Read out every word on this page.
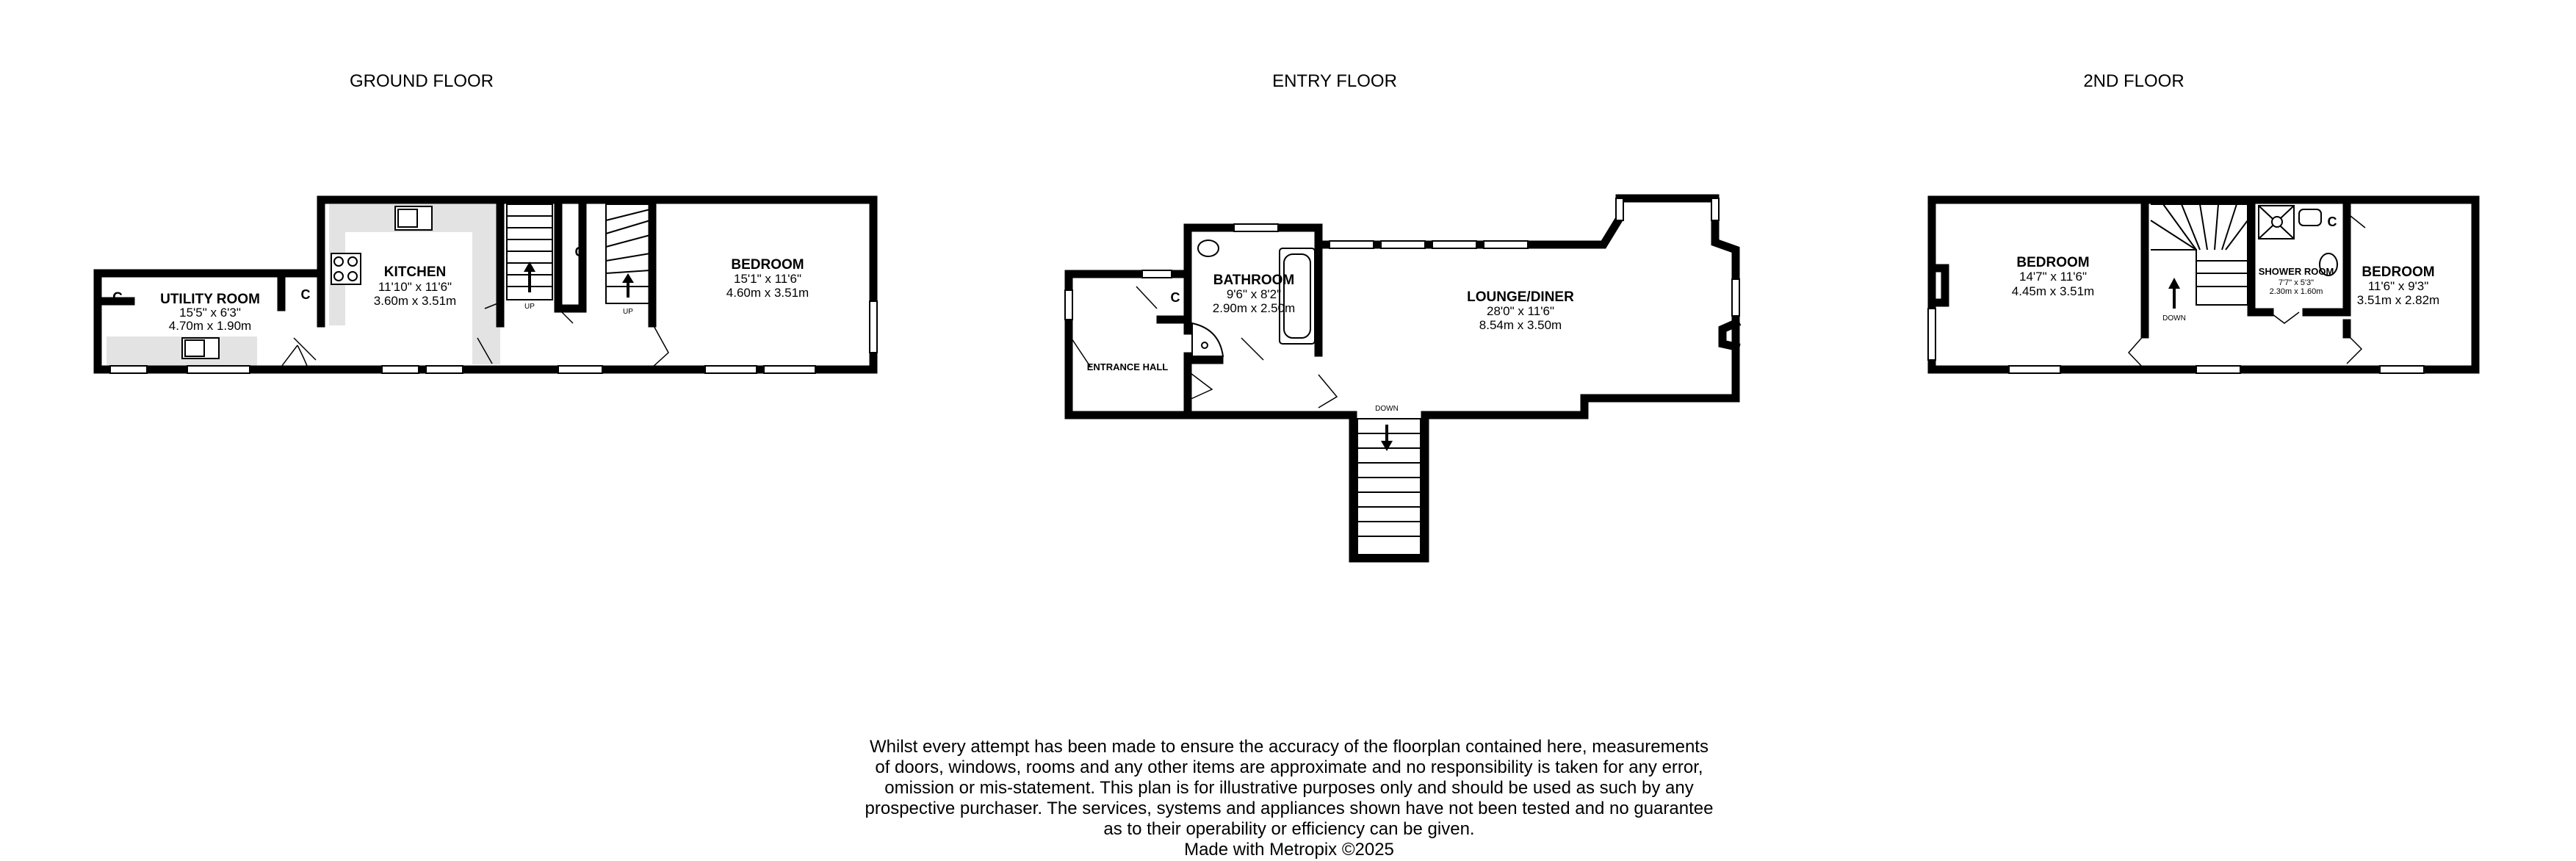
GROUND FLOOR
C	UTILITY ROOM
15'5" x 6'3"
4.70m x 1.90m
C
KITCHEN
11'10" x 11'6"
3.60m x 3.51m
C
UP
UP
BEDROOM
15'1" x 11'6"
4.60m x 3.51m
ENTRY FLOOR
C
BATHROOM
9'6" x 8'2"
2.90m x 2.50m
ENTRANCE HALL
LOUNGE/DINER
28'0" x 11'6"
8.54m x 3.50m
DOWN
2ND FLOOR
BEDROOM
14'7" x 11'6"
4.45m x 3.51m
DOWN
SHOWER ROOM
7'7" x 5'3"
2.30m x 1.60m
C
BEDROOM
11'6" x 9'3"
3.51m x 2.82m

Whilst every attempt has been made to ensure the accuracy of the floorplan contained here, measurements

of doors, windows, rooms and any other items are approximate and no responsibility is taken for any error,

omission or mis-statement. This plan is for illustrative purposes only and should be used as such by any

prospective purchaser. The services, systems and appliances shown have not been tested and no guarantee

as to their operability or efficiency can be given.

Made with Metropix ©2025
